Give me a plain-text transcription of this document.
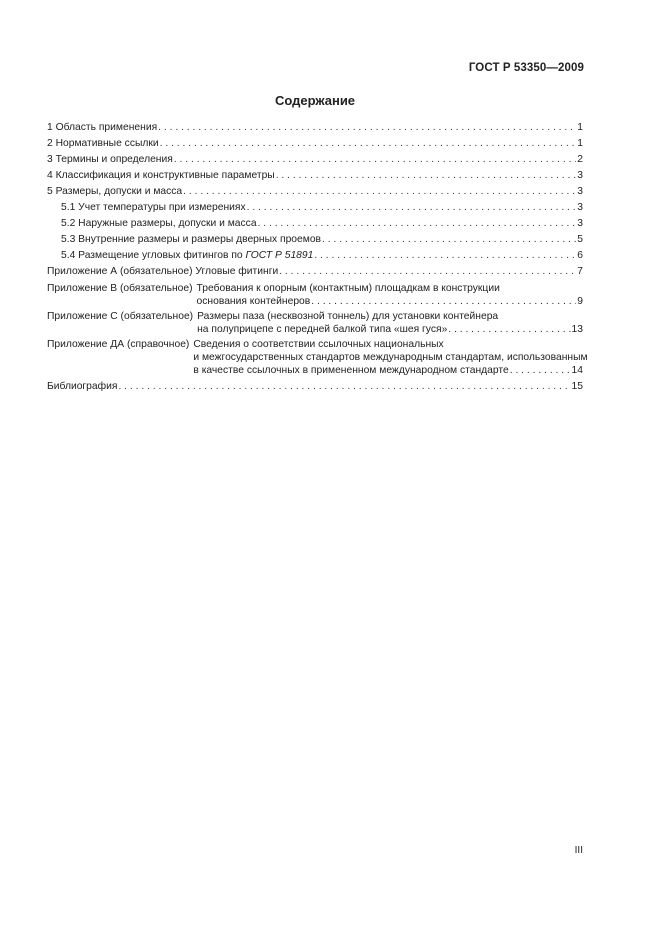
ГОСТ Р 53350—2009
Содержание
1 Область применения . . .	1
2 Нормативные ссылки . . .	1
3 Термины и определения . . .	2
4 Классификация и конструктивные параметры . . .	3
5 Размеры, допуски и масса . . .	3
5.1 Учет температуры при измерениях . . .	3
5.2 Наружные размеры, допуски и масса . . .	3
5.3 Внутренние размеры и размеры дверных проемов . . .	5
5.4 Размещение угловых фитингов по ГОСТ Р 51891 . . .	6
Приложение А (обязательное) Угловые фитинги . . .	7
Приложение В (обязательное) Требования к опорным (контактным) площадкам в конструкции
основания контейнеров . . .	9
Приложение С (обязательное) Размеры паза (несквозной тоннель) для установки контейнера
на полуприцепе с передней балкой типа «шея гуся» . . .	13
Приложение ДА (справочное) Сведения о соответствии ссылочных национальных
и межгосударственных стандартов международным стандартам, использованным
в качестве ссылочных в примененном международном стандарте . . .	14
Библиография . . .	15
III
